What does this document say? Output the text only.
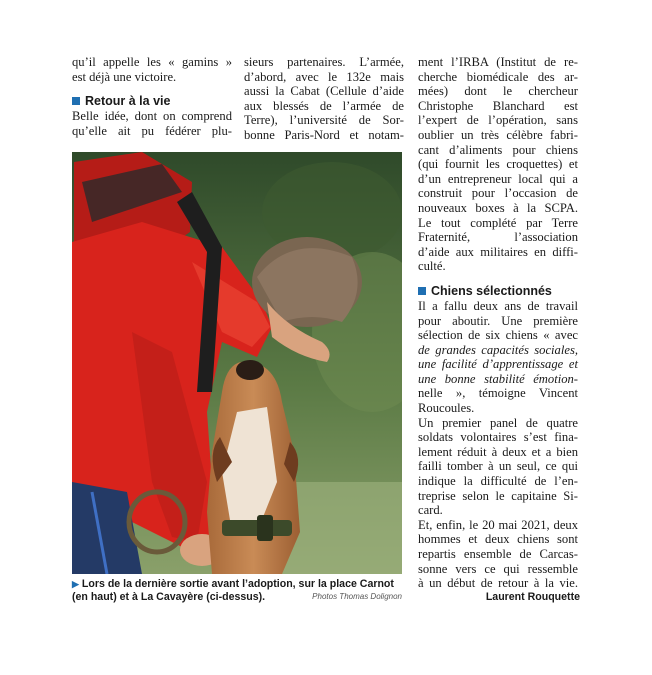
qu’il appelle les « gamins »
est déjà une victoire.
Retour à la vie
Belle idée, dont on comprend
qu’elle ait pu fédérer plu-
sieurs partenaires. L’armée,
d’abord, avec le 132e mais
aussi la Cabat (Cellule d’aide
aux blessés de l’armée de
Terre), l’université de Sor-
bonne Paris-Nord et notam-
ment l’IRBA (Institut de re-
cherche biomédicale des ar-
mées) dont le chercheur
Christophe Blanchard est
l’expert de l’opération, sans
oublier un très célèbre fabri-
cant d’aliments pour chiens
(qui fournit les croquettes) et
d’un entrepreneur local qui a
construit pour l’occasion de
nouveaux boxes à la SCPA.
Le tout complété par Terre
Fraternité, l’association
d’aide aux militaires en diffi-
culté.
Chiens sélectionnés
Il a fallu deux ans de travail
pour aboutir. Une première
sélection de six chiens « avec
de grandes capacités sociales,
une facilité d’apprentissage et
une bonne stabilité émotion-
nelle », témoigne Vincent
Roucoules.
Un premier panel de quatre
soldats volontaires s’est fina-
lement réduit à deux et a bien
failli tomber à un seul, ce qui
indique la difficulté de l’en-
treprise selon le capitaine Si-
card.
Et, enfin, le 20 mai 2021, deux
hommes et deux chiens sont
repartis ensemble de Carcas-
sonne vers ce qui ressemble
à un début de retour à la vie.
▶ Lors de la dernière sortie avant l’adoption, sur la place Carnot (en haut) et à La Cavayère (ci-dessus).	Photos Thomas Dolignon	Laurent Rouquette
